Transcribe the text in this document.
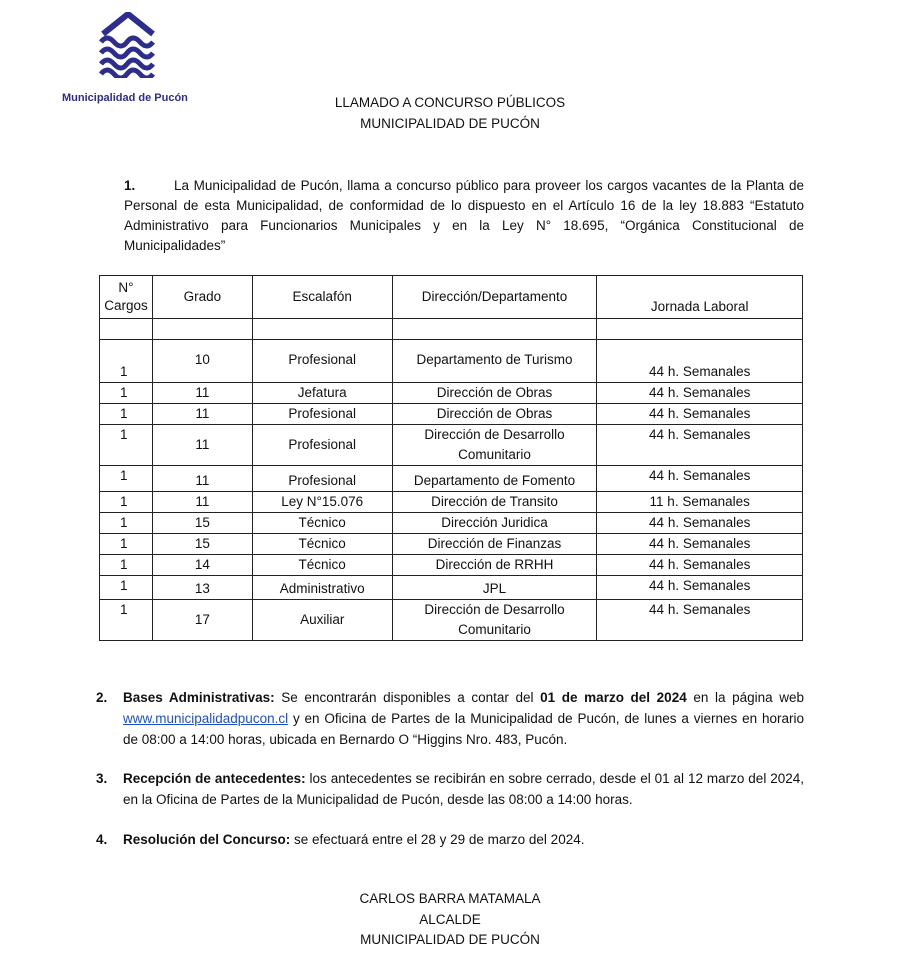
Municipalidad de Pucón	LLAMADO A CONCURSO PÚBLICOS
MUNICIPALIDAD DE PUCÓN
1.	La Municipalidad de Pucón, llama a concurso público para proveer los cargos vacantes de la Planta de Personal de esta Municipalidad, de conformidad de lo dispuesto en el Artículo 16 de la ley 18.883 “Estatuto Administrativo para Funcionarios Municipales y en la Ley N° 18.695, “Orgánica Constitucional de Municipalidades”
N° Cargos	Grado	Escalafón	Dirección/Departamento	Jornada Laboral

1	10	Profesional	Departamento de Turismo	44 h. Semanales
1	11	Jefatura	Dirección de Obras	44 h. Semanales
1	11	Profesional	Dirección de Obras	44 h. Semanales
1	11	Profesional	Dirección de Desarrollo Comunitario	44 h. Semanales
1	11	Profesional	Departamento de Fomento	44 h. Semanales
1	11	Ley N°15.076	Dirección de Transito	11 h. Semanales
1	15	Técnico	Dirección Juridica	44 h. Semanales
1	15	Técnico	Dirección de Finanzas	44 h. Semanales
1	14	Técnico	Dirección de RRHH	44 h. Semanales
1	13	Administrativo	JPL	44 h. Semanales
1	17	Auxiliar	Dirección de Desarrollo Comunitario	44 h. Semanales
2. Bases Administrativas: Se encontrarán disponibles a contar del 01 de marzo del 2024 en la página web www.municipalidadpucon.cl y en Oficina de Partes de la Municipalidad de Pucón, de lunes a viernes en horario de 08:00 a 14:00 horas, ubicada en Bernardo O “Higgins Nro. 483, Pucón.
3. Recepción de antecedentes: los antecedentes se recibirán en sobre cerrado, desde el 01 al 12 marzo del 2024, en la Oficina de Partes de la Municipalidad de Pucón, desde las 08:00 a 14:00 horas.
4. Resolución del Concurso: se efectuará entre el 28 y 29 de marzo del 2024.
CARLOS BARRA MATAMALA
ALCALDE
MUNICIPALIDAD DE PUCÓN
